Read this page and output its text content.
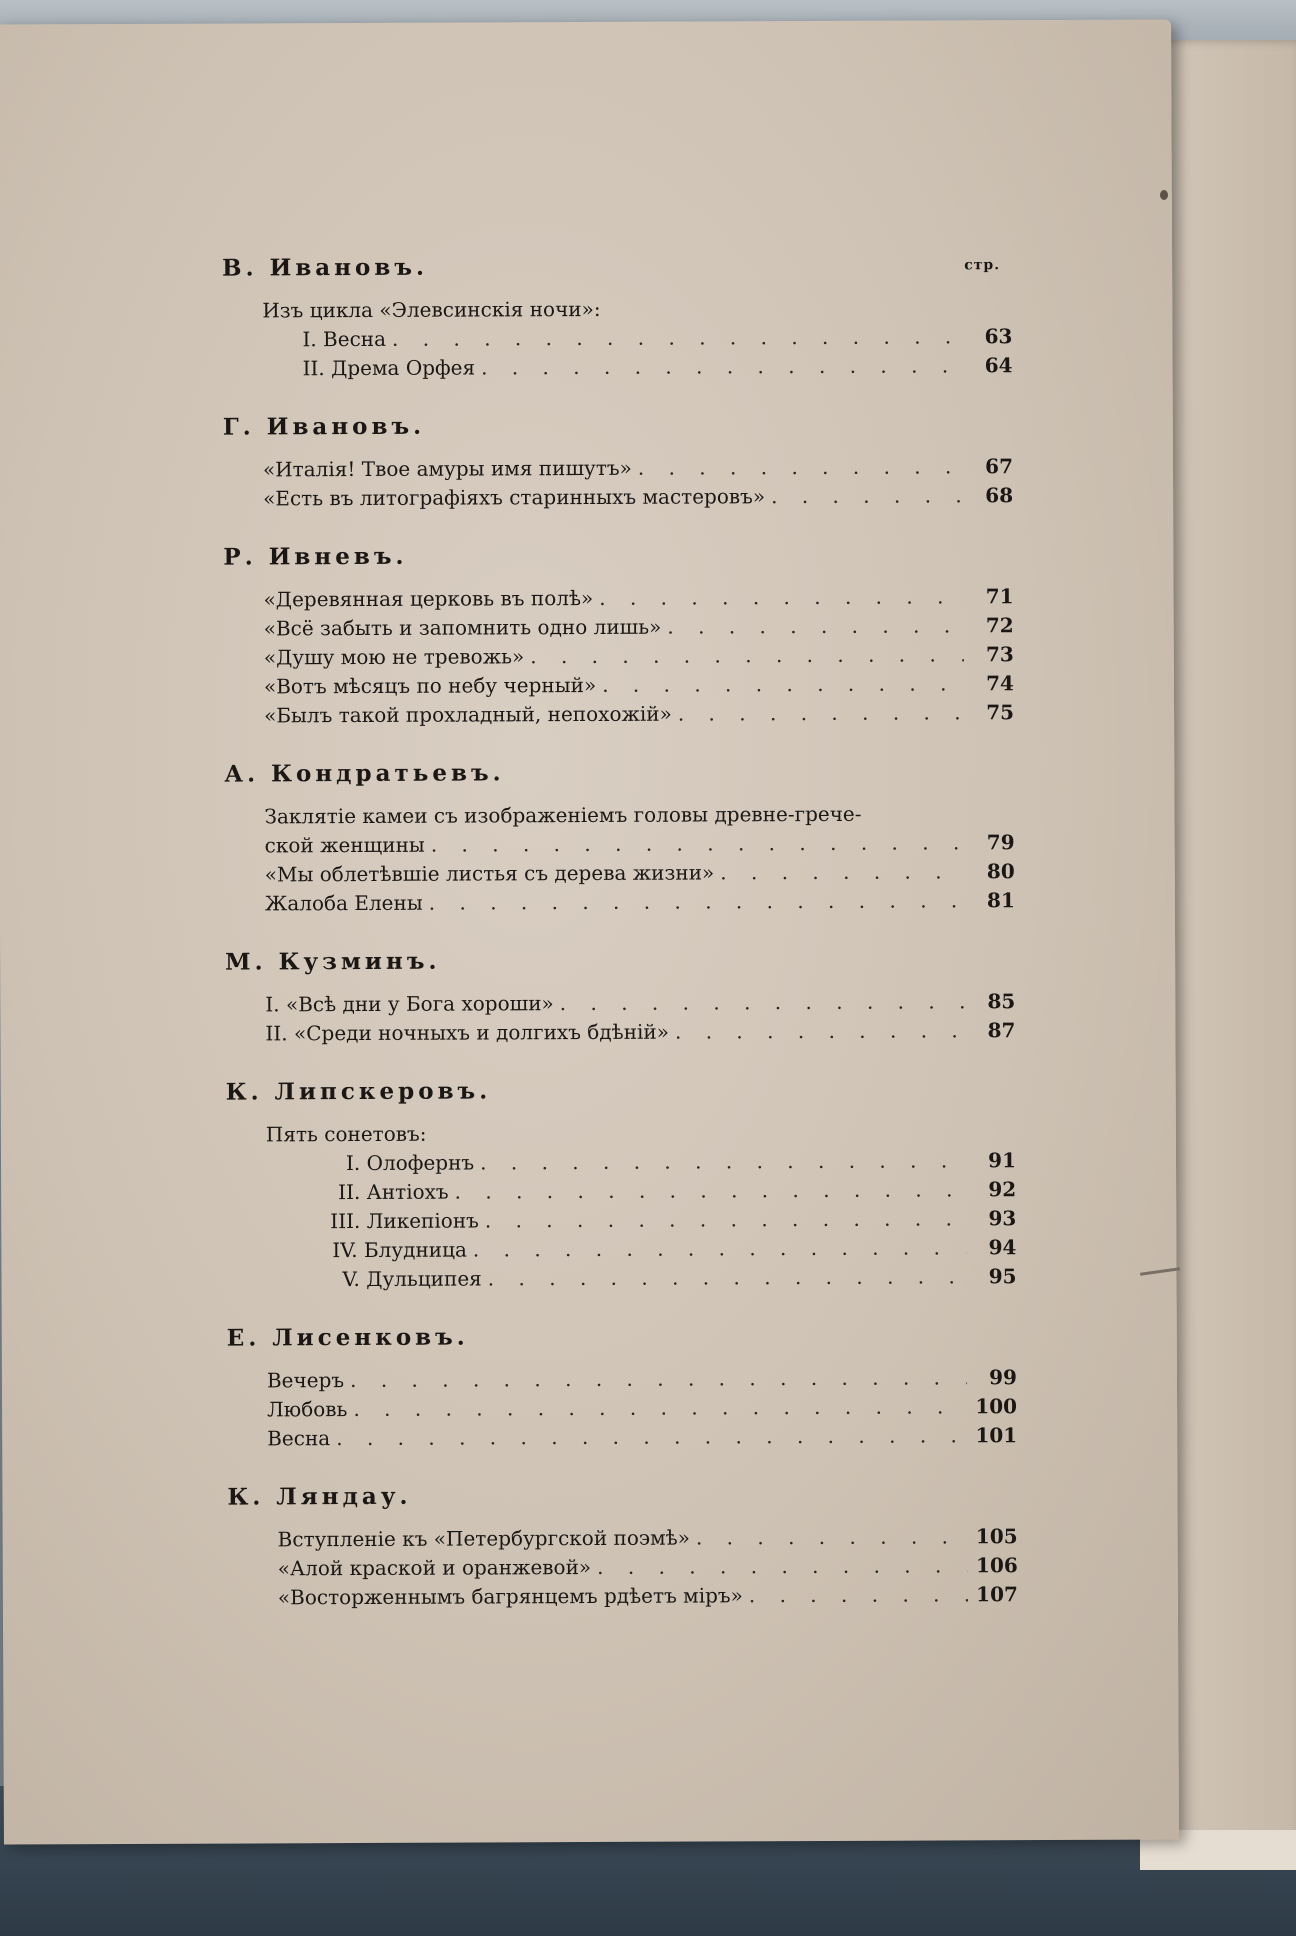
стр.
В. Ивановъ.
Изъ цикла «Элевсинскія ночи»:
I. Весна . . .	63
II. Дрема Орфея . . .	64
Г. Ивановъ.
«Италія! Твое амуры имя пишутъ» . . .	67
«Есть въ литографіяхъ старинныхъ мастеровъ» . . .	68
Р. Ивневъ.
«Деревянная церковь въ полѣ» . . .	71
«Всё забыть и запомнить одно лишь» . . .	72
«Душу мою не тревожь» . . .	73
«Вотъ мѣсяцъ по небу черный» . . .	74
«Былъ такой прохладный, непохожій» . . .	75
А. Кондратьевъ.
Заклятіе камеи съ изображеніемъ головы древне-грече-
ской женщины . . .	79
«Мы облетѣвшіе листья съ дерева жизни» . . .	80
Жалоба Елены . . .	81
М. Кузминъ.
I. «Всѣ дни у Бога хороши» . . .	85
II. «Среди ночныхъ и долгихъ бдѣній» . . .	87
К. Липскеровъ.
Пять сонетовъ:
I. Олофернъ . . .	91
II. Антіохъ . . .	92
III. Ликепіонъ . . .	93
IV. Блудница . . .	94
V. Дульципея . . .	95
Е. Лисенковъ.
Вечеръ . . .	99
Любовь . . .	100
Весна . . .	101
К. Ляндау.
Вступленіе къ «Петербургской поэмѣ» . . .	105
«Алой краской и оранжевой» . . .	106
«Восторженнымъ багрянцемъ рдѣетъ міръ» . . .	107
